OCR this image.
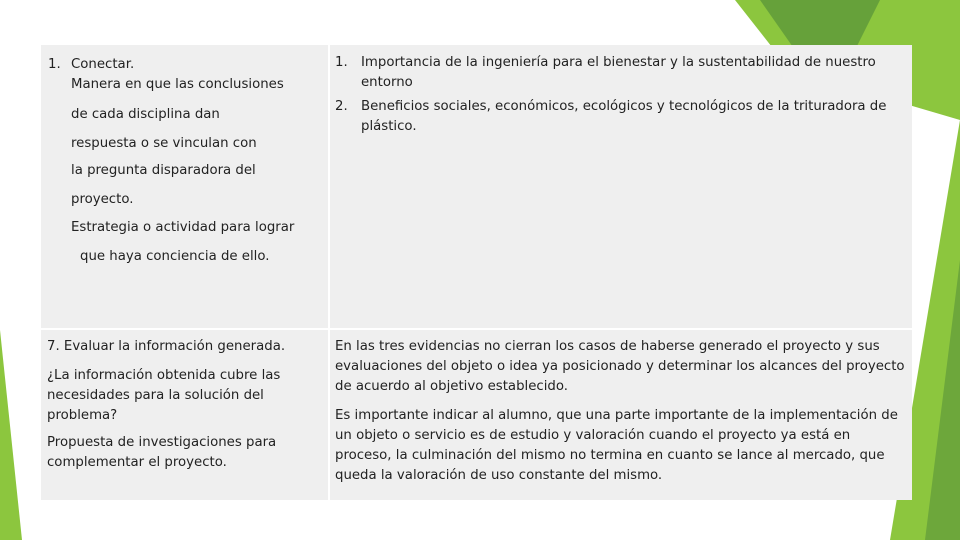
1. Conectar.
Manera en que las conclusiones
de cada disciplina dan
respuesta o se vinculan con
la pregunta disparadora del
proyecto.
Estrategia o actividad para lograr
que haya conciencia de ello.
1. Importancia de la ingeniería para el bienestar y la sustentabilidad de nuestro entorno
2. Beneficios sociales, económicos, ecológicos y tecnológicos de la trituradora de plástico.
7. Evaluar la información generada.
¿La información obtenida cubre las necesidades para la solución del problema?
Propuesta de investigaciones para complementar el proyecto.
En las tres evidencias no cierran los casos de haberse generado el proyecto y sus evaluaciones del objeto o idea ya posicionado y determinar los alcances del proyecto de acuerdo al objetivo establecido.
Es importante indicar al alumno, que una parte importante de la implementación de un objeto o servicio es de estudio y valoración cuando el proyecto ya está en proceso, la culminación del mismo no termina en cuanto se lance al mercado, que queda la valoración de uso constante del mismo.
